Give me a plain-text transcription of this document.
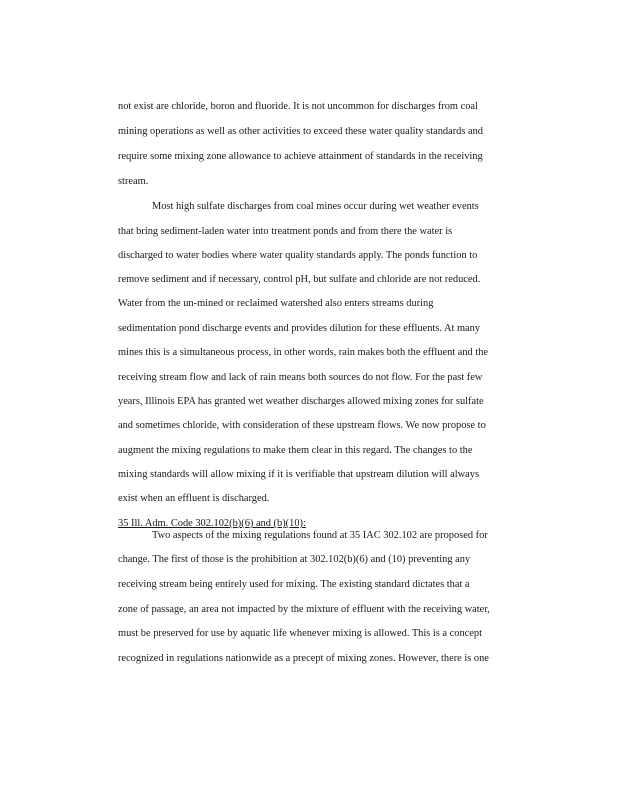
not exist are chloride, boron and fluoride. It is not uncommon for discharges from coal
mining operations as well as other activities to exceed these water quality standards and
require some mixing zone allowance to achieve attainment of standards in the receiving
stream.
Most high sulfate discharges from coal mines occur during wet weather events
that bring sediment-laden water into treatment ponds and from there the water is
discharged to water bodies where water quality standards apply. The ponds function to
remove sediment and if necessary, control pH, but sulfate and chloride are not reduced.
Water from the un-mined or reclaimed watershed also enters streams during
sedimentation pond discharge events and provides dilution for these effluents. At many
mines this is a simultaneous process, in other words, rain makes both the effluent and the
receiving stream flow and lack of rain means both sources do not flow. For the past few
years, Illinois EPA has granted wet weather discharges allowed mixing zones for sulfate
and sometimes chloride, with consideration of these upstream flows. We now propose to
augment the mixing regulations to make them clear in this regard. The changes to the
mixing standards will allow mixing if it is verifiable that upstream dilution will always
exist when an effluent is discharged.
35 Ill. Adm. Code 302.102(b)(6) and (b)(10):
Two aspects of the mixing regulations found at 35 IAC 302.102 are proposed for
change. The first of those is the prohibition at 302.102(b)(6) and (10) preventing any
receiving stream being entirely used for mixing. The existing standard dictates that a
zone of passage, an area not impacted by the mixture of effluent with the receiving water,
must be preserved for use by aquatic life whenever mixing is allowed. This is a concept
recognized in regulations nationwide as a precept of mixing zones. However, there is one
